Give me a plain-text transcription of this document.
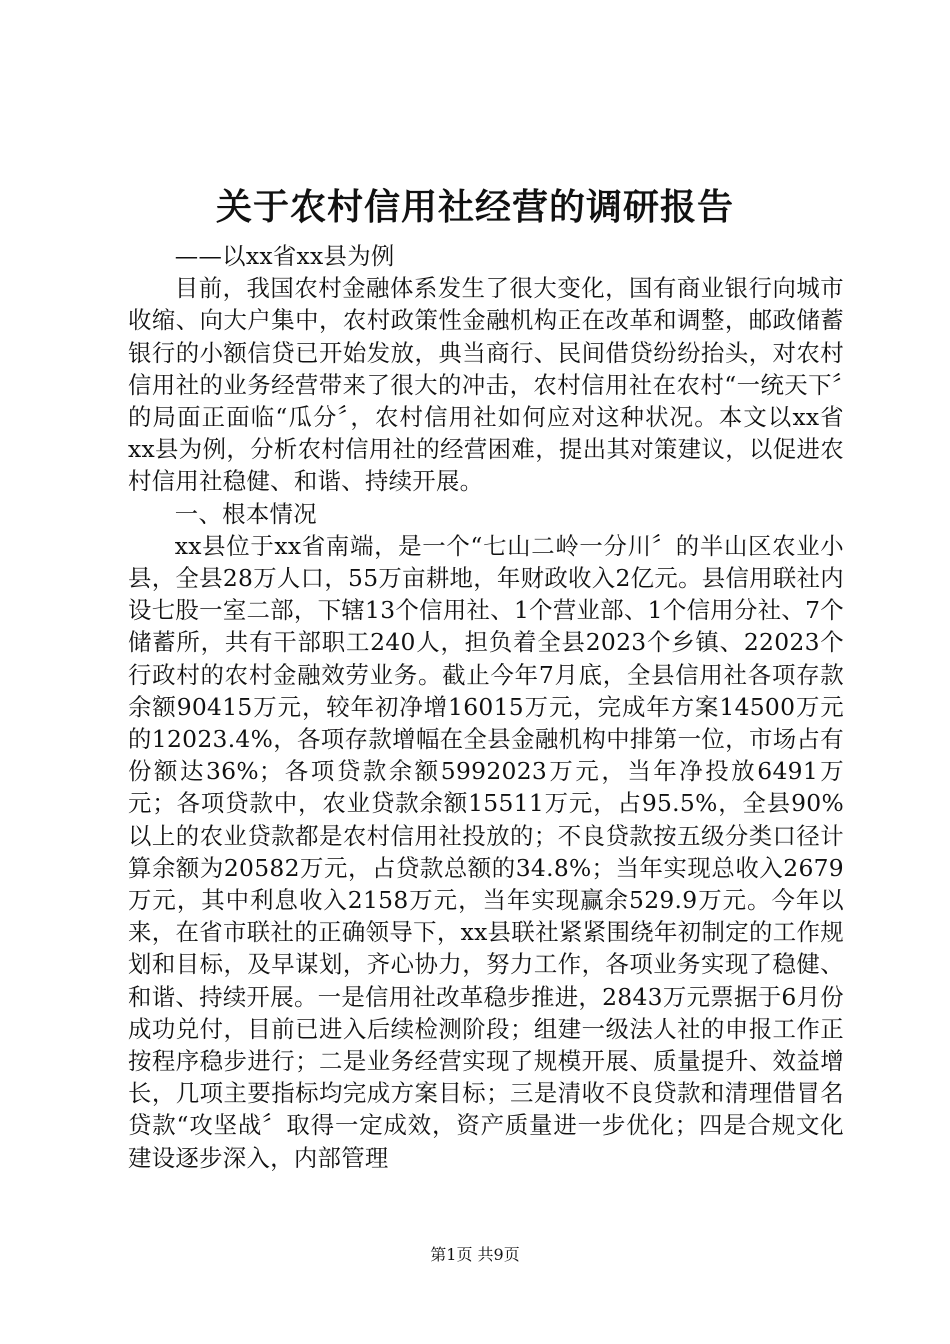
关于农村信用社经营的调研报告

——以xx省xx县为例

目前，我国农村金融体系发生了很大变化，国有商业银行向城市收缩、向大户集中，农村政策性金融机构正在改革和调整，邮政储蓄银行的小额信贷已开始发放，典当商行、民间借贷纷纷抬头，对农村信用社的业务经营带来了很大的冲击，农村信用社在农村“一统天下〞的局面正面临“瓜分〞，农村信用社如何应对这种状况。本文以xx省xx县为例，分析农村信用社的经营困难，提出其对策建议，以促进农村信用社稳健、和谐、持续开展。

一、根本情况

xx县位于xx省南端，是一个“七山二岭一分川〞的半山区农业小县，全县28万人口，55万亩耕地，年财政收入2亿元。县信用联社内设七股一室二部，下辖13个信用社、1个营业部、1个信用分社、7个储蓄所，共有干部职工240人，担负着全县2023个乡镇、22023个行政村的农村金融效劳业务。截止今年7月底，全县信用社各项存款余额90415万元，较年初净增16015万元，完成年方案14500万元的12023.4%，各项存款增幅在全县金融机构中排第一位，市场占有份额达36%；各项贷款余额5992023万元，当年净投放6491万元；各项贷款中，农业贷款余额15511万元，占95.5%，全县90%以上的农业贷款都是农村信用社投放的；不良贷款按五级分类口径计算余额为20582万元，占贷款总额的34.8%；当年实现总收入2679万元，其中利息收入2158万元，当年实现赢余529.9万元。今年以来，在省市联社的正确领导下，xx县联社紧紧围绕年初制定的工作规划和目标，及早谋划，齐心协力，努力工作，各项业务实现了稳健、和谐、持续开展。一是信用社改革稳步推进，2843万元票据于6月份成功兑付，目前已进入后续检测阶段；组建一级法人社的申报工作正按程序稳步进行；二是业务经营实现了规模开展、质量提升、效益增长，几项主要指标均完成方案目标；三是清收不良贷款和清理借冒名贷款“攻坚战〞取得一定成效，资产质量进一步优化；四是合规文化建设逐步深入，内部管理

第1页 共9页
